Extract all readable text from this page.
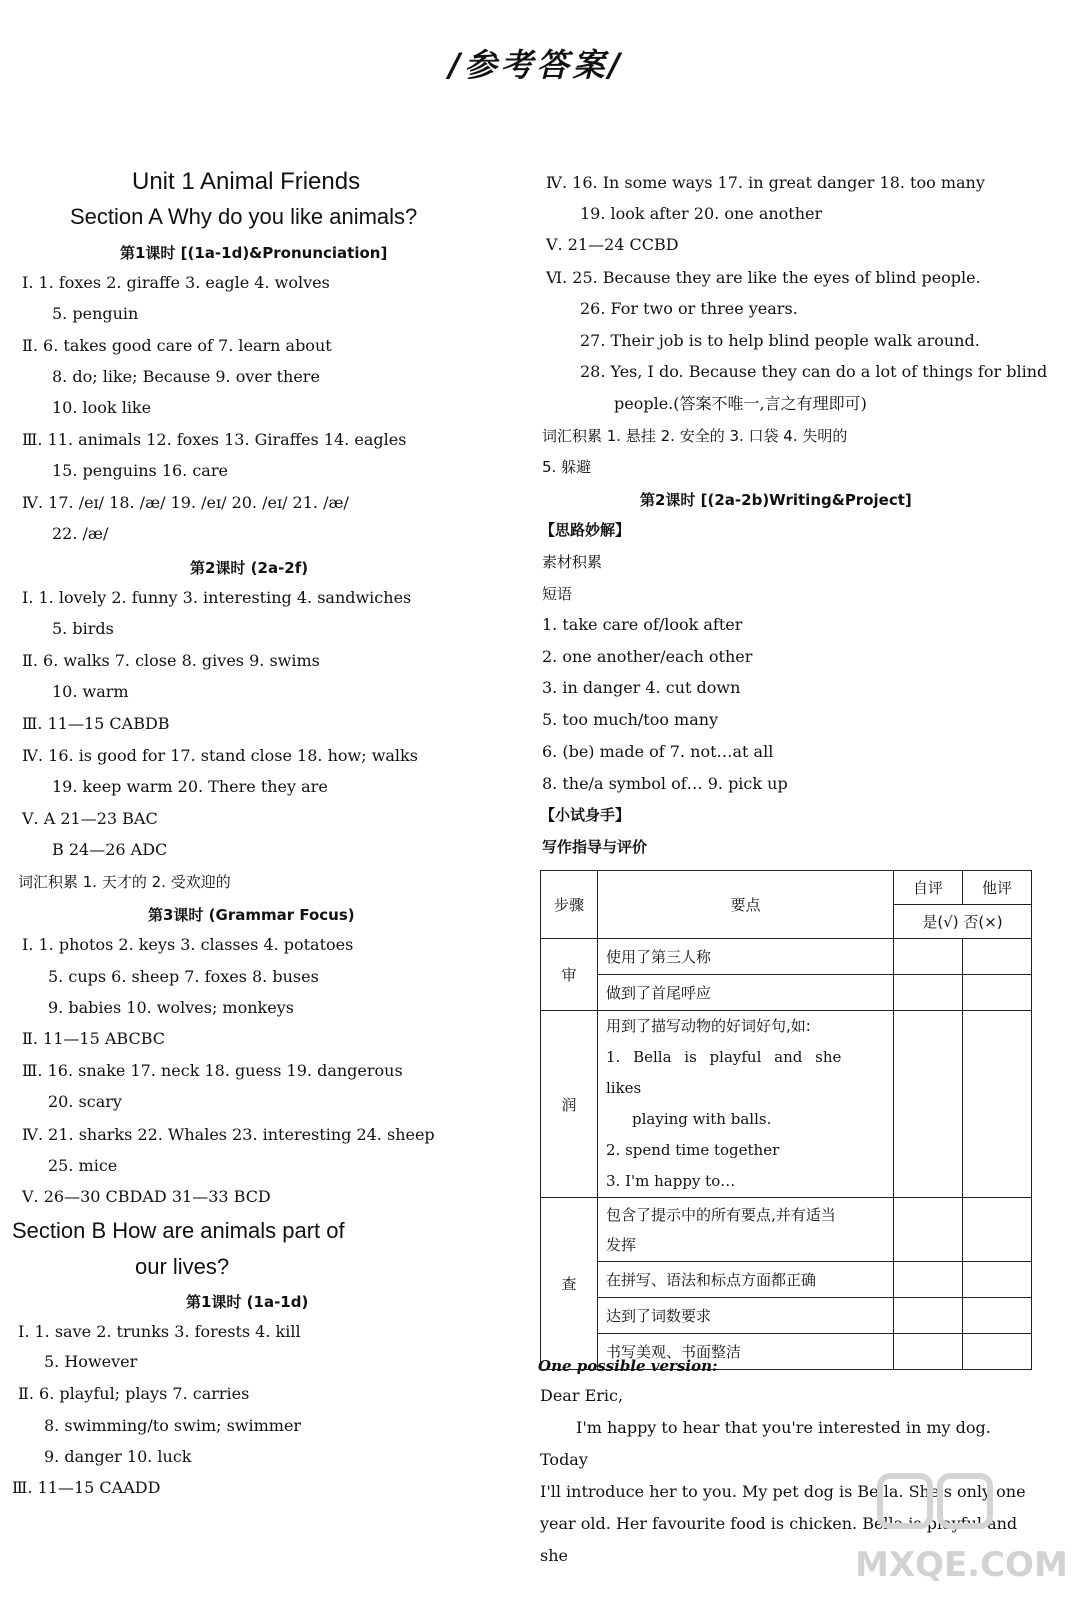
/参考答案/
Unit 1 Animal Friends
Section A Why do you like animals?
第1课时 [(1a-1d)&Pronunciation]
Ⅰ. 1. foxes 2. giraffe 3. eagle 4. wolves
5. penguin
Ⅱ. 6. takes good care of 7. learn about
8. do; like; Because 9. over there
10. look like
Ⅲ. 11. animals 12. foxes 13. Giraffes 14. eagles
15. penguins 16. care
Ⅳ. 17. /eɪ/ 18. /æ/ 19. /eɪ/ 20. /eɪ/ 21. /æ/
22. /æ/
第2课时 (2a-2f)
Ⅰ. 1. lovely 2. funny 3. interesting 4. sandwiches
5. birds
Ⅱ. 6. walks 7. close 8. gives 9. swims
10. warm
Ⅲ. 11—15 CABDB
Ⅳ. 16. is good for 17. stand close 18. how; walks
19. keep warm 20. There they are
Ⅴ. A 21—23 BAC
B 24—26 ADC
词汇积累 1. 天才的 2. 受欢迎的
第3课时 (Grammar Focus)
Ⅰ. 1. photos 2. keys 3. classes 4. potatoes
5. cups 6. sheep 7. foxes 8. buses
9. babies 10. wolves; monkeys
Ⅱ. 11—15 ABCBC
Ⅲ. 16. snake 17. neck 18. guess 19. dangerous
20. scary
Ⅳ. 21. sharks 22. Whales 23. interesting 24. sheep
25. mice
Ⅴ. 26—30 CBDAD 31—33 BCD
Section B How are animals part of
our lives?
第1课时 (1a-1d)
Ⅰ. 1. save 2. trunks 3. forests 4. kill
5. However
Ⅱ. 6. playful; plays 7. carries
8. swimming/to swim; swimmer
9. danger 10. luck
Ⅲ. 11—15 CAADD
Ⅳ. 16. In some ways 17. in great danger 18. too many
19. look after 20. one another
Ⅴ. 21—24 CCBD
Ⅵ. 25. Because they are like the eyes of blind people.
26. For two or three years.
27. Their job is to help blind people walk around.
28. Yes, I do. Because they can do a lot of things for blind
people.(答案不唯一,言之有理即可)
词汇积累 1. 悬挂 2. 安全的 3. 口袋 4. 失明的
5. 躲避
第2课时 [(2a-2b)Writing&Project]
【思路妙解】
素材积累
短语
1. take care of/look after
2. one another/each other
3. in danger 4. cut down
5. too much/too many
6. (be) made of 7. not…at all
8. the/a symbol of… 9. pick up
【小试身手】
写作指导与评价
步骤	要点	自评	他评
		是(√) 否(×)	
审	使用了第三人称		
	做到了首尾呼应		
润	用到了描写动物的好词好句,如:
1. Bella is playful and she likes
playing with balls.
2. spend time together
3. I'm happy to…		

查	包含了提示中的所有要点,并有适当
发挥		

	在拼写、语法和标点方面都正确		
	达到了词数要求		
	书写美观、书面整洁		
One possible version:
Dear Eric,
I'm happy to hear that you're interested in my dog. Today
I'll introduce her to you. My pet dog is Bella. She's only one
year old. Her favourite food is chicken. Bella is playful and she	MXQE.COM
